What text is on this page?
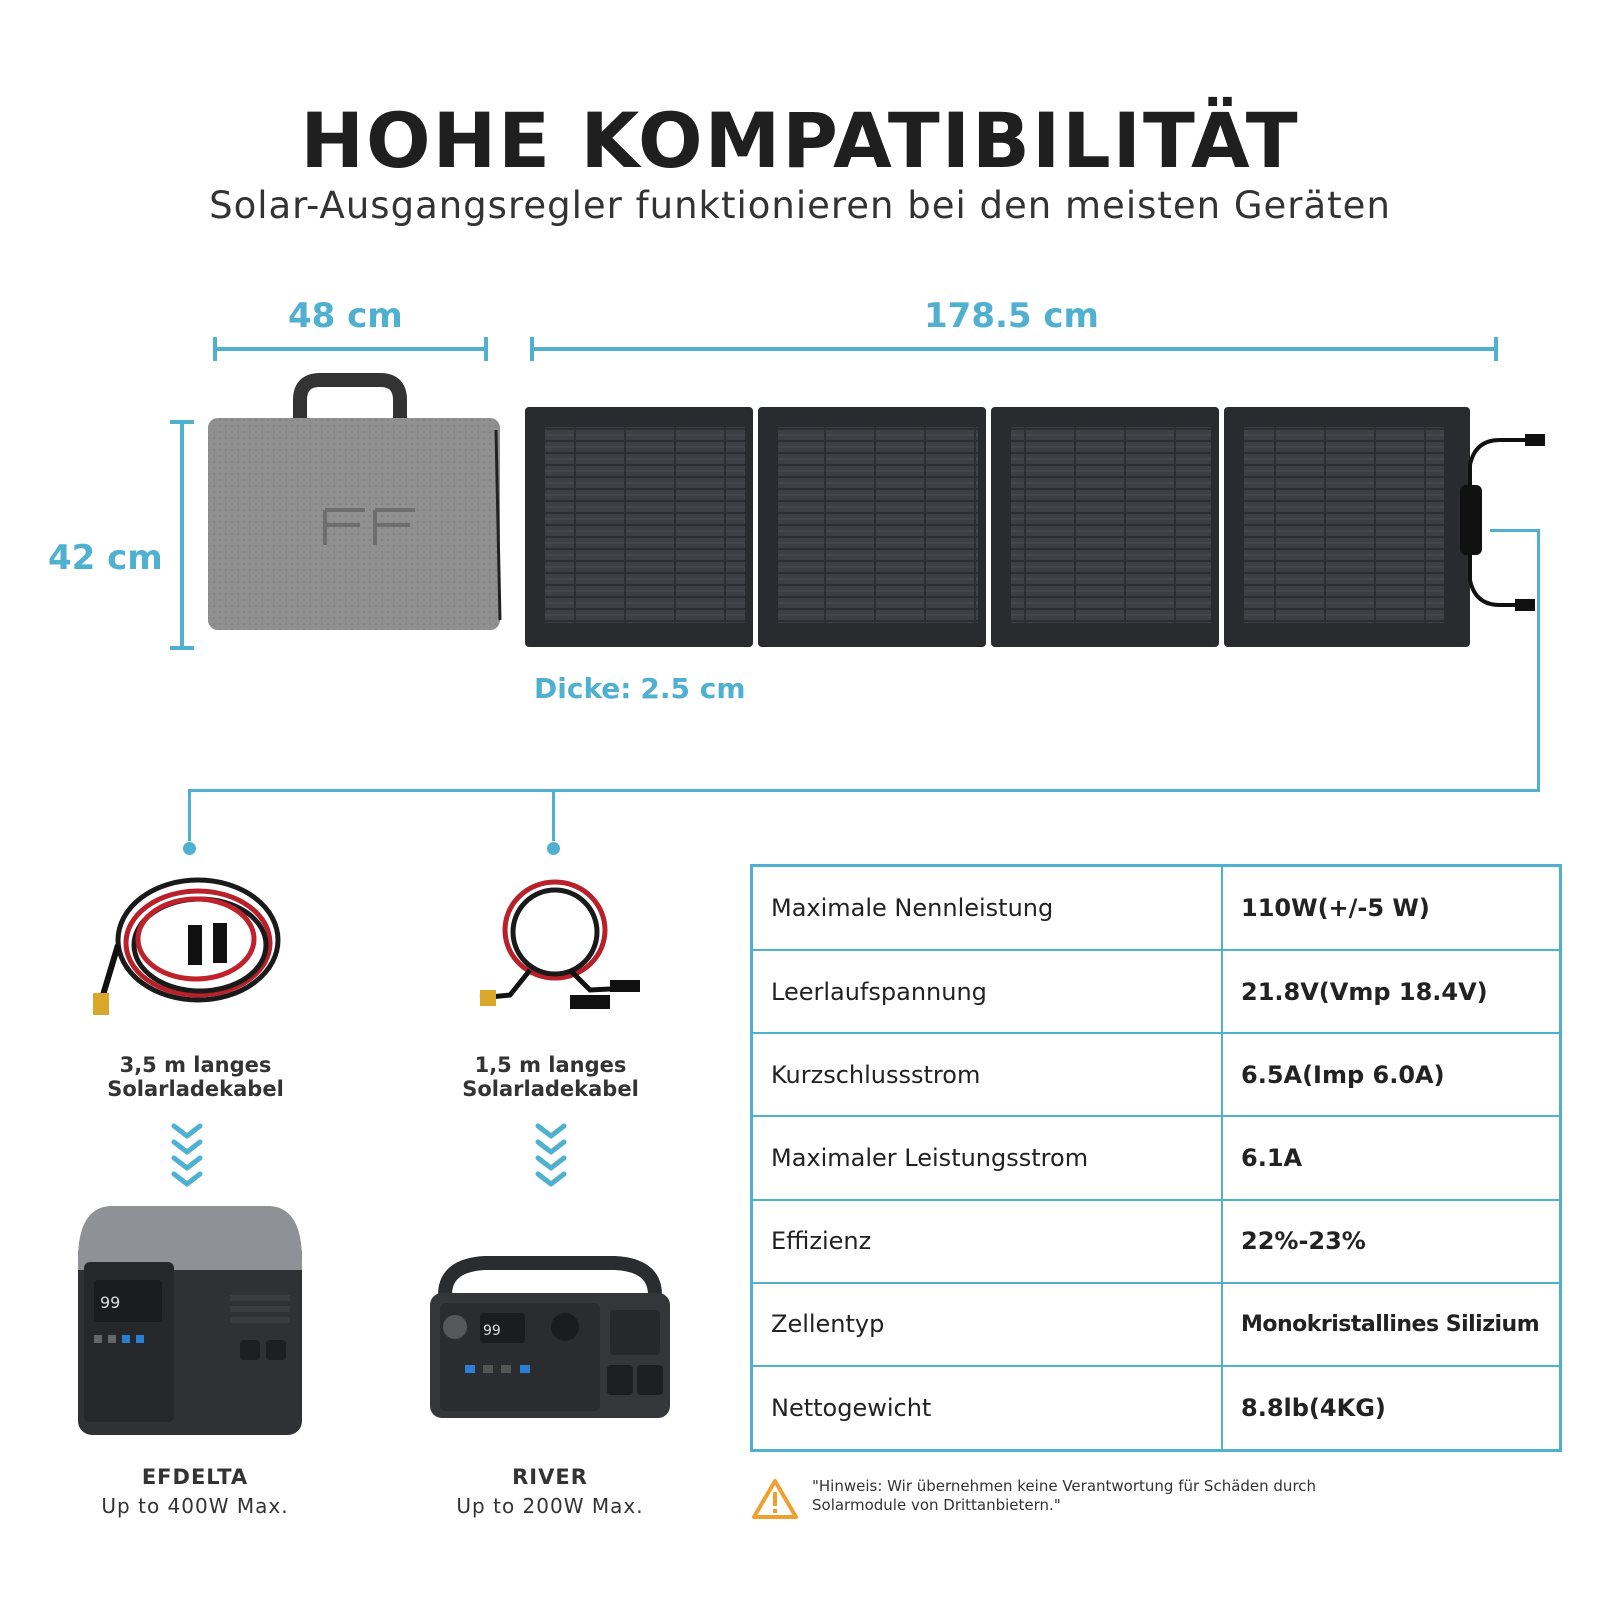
HOHE KOMPATIBILITÄT
Solar-Ausgangsregler funktionieren bei den meisten Geräten
48 cm	178.5 cm
42 cm
Dicke: 2.5 cm
3,5 m langes Solarladekabel
1,5 m langes Solarladekabel
99
99
EFDELTA
Up to 400W Max.
RIVER
Up to 200W Max.
Maximale Nennleistung	110W(+/-5 W)
Leerlaufspannung	21.8V(Vmp 18.4V)
Kurzschlussstrom	6.5A(Imp 6.0A)
Maximaler Leistungsstrom	6.1A
Effizienz	22%-23%
Zellentyp	Monokristallines Silizium
Nettogewicht	8.8lb(4KG)
"Hinweis: Wir übernehmen keine Verantwortung für Schäden durch Solarmodule von Drittanbietern."
